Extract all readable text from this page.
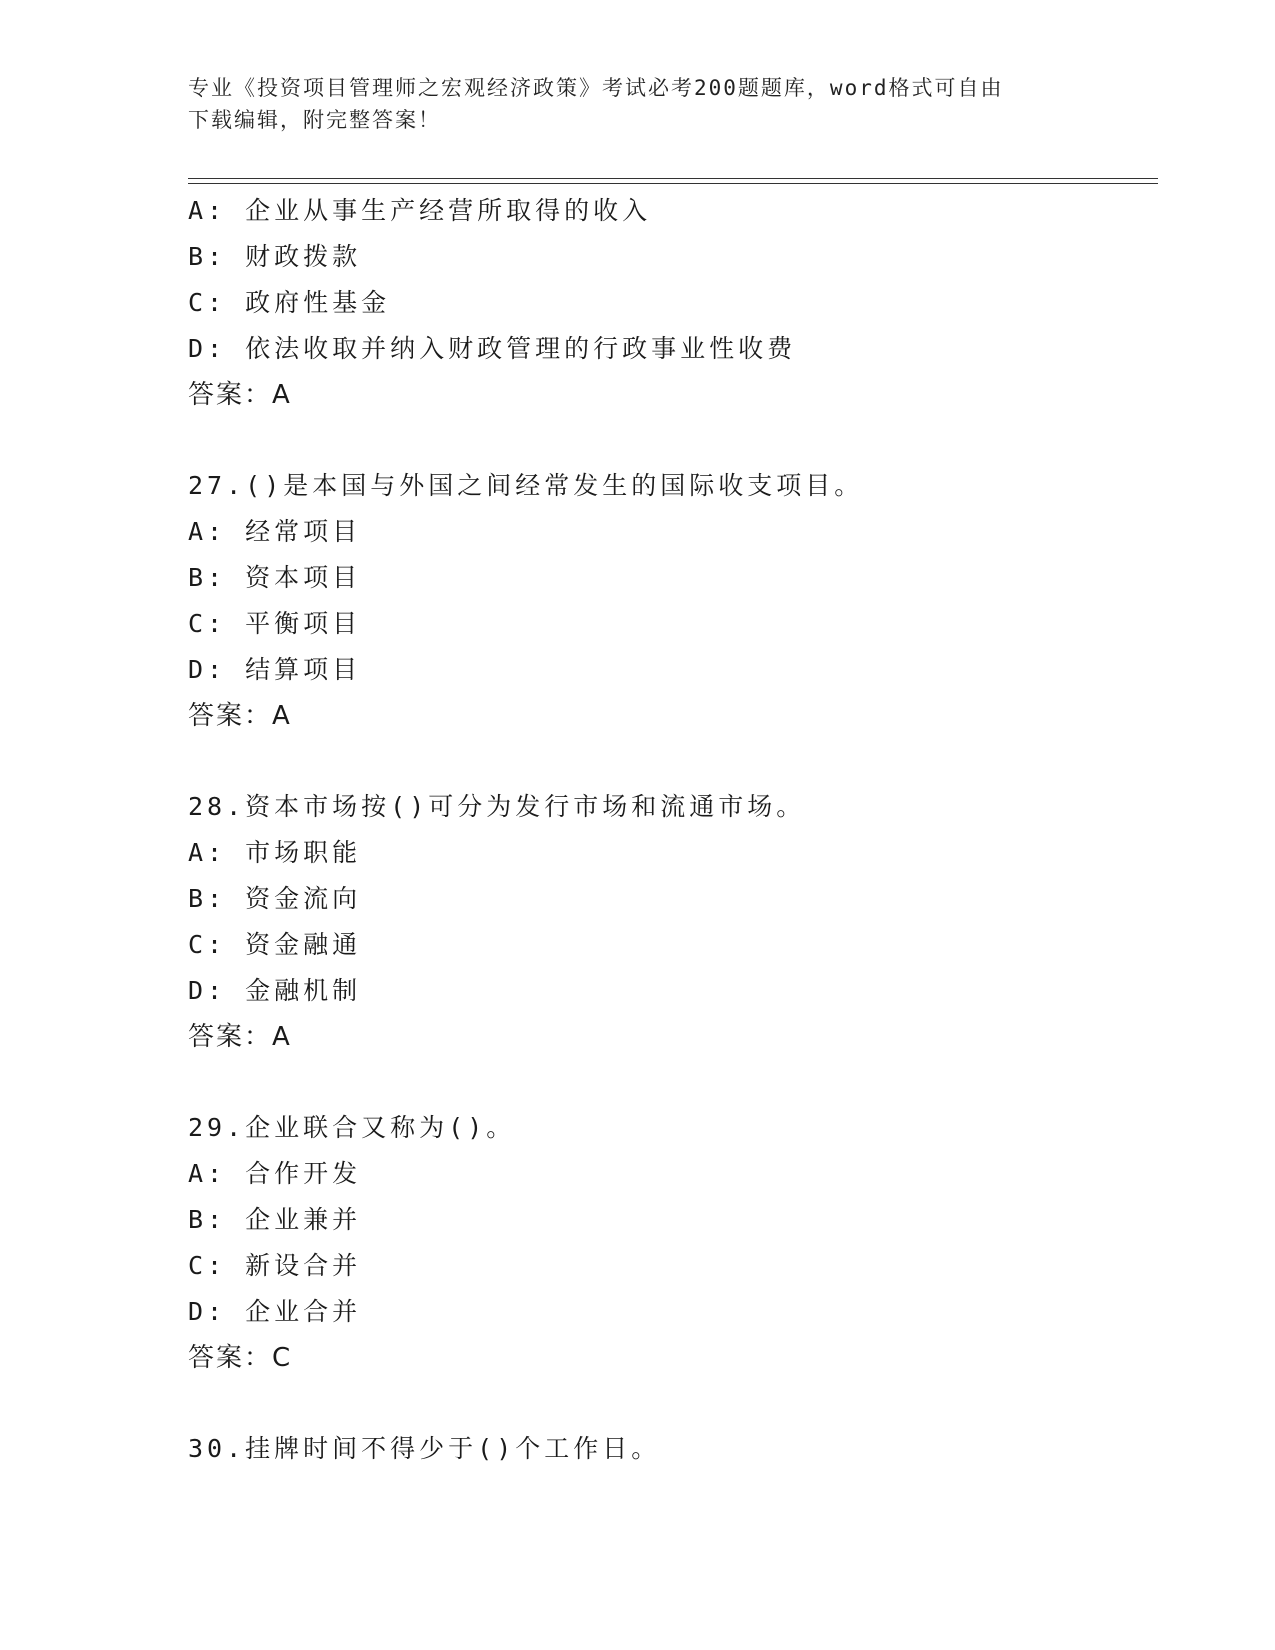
专业《投资项目管理师之宏观经济政策》考试必考200题题库，word格式可自由
下载编辑，附完整答案！
A: 企业从事生产经营所取得的收入
B: 财政拨款
C: 政府性基金
D: 依法收取并纳入财政管理的行政事业性收费
答案：A
27.()是本国与外国之间经常发生的国际收支项目。
A: 经常项目
B: 资本项目
C: 平衡项目
D: 结算项目
答案：A
28.资本市场按()可分为发行市场和流通市场。
A: 市场职能
B: 资金流向
C: 资金融通
D: 金融机制
答案：A
29.企业联合又称为()。
A: 合作开发
B: 企业兼并
C: 新设合并
D: 企业合并
答案：C
30.挂牌时间不得少于()个工作日。
